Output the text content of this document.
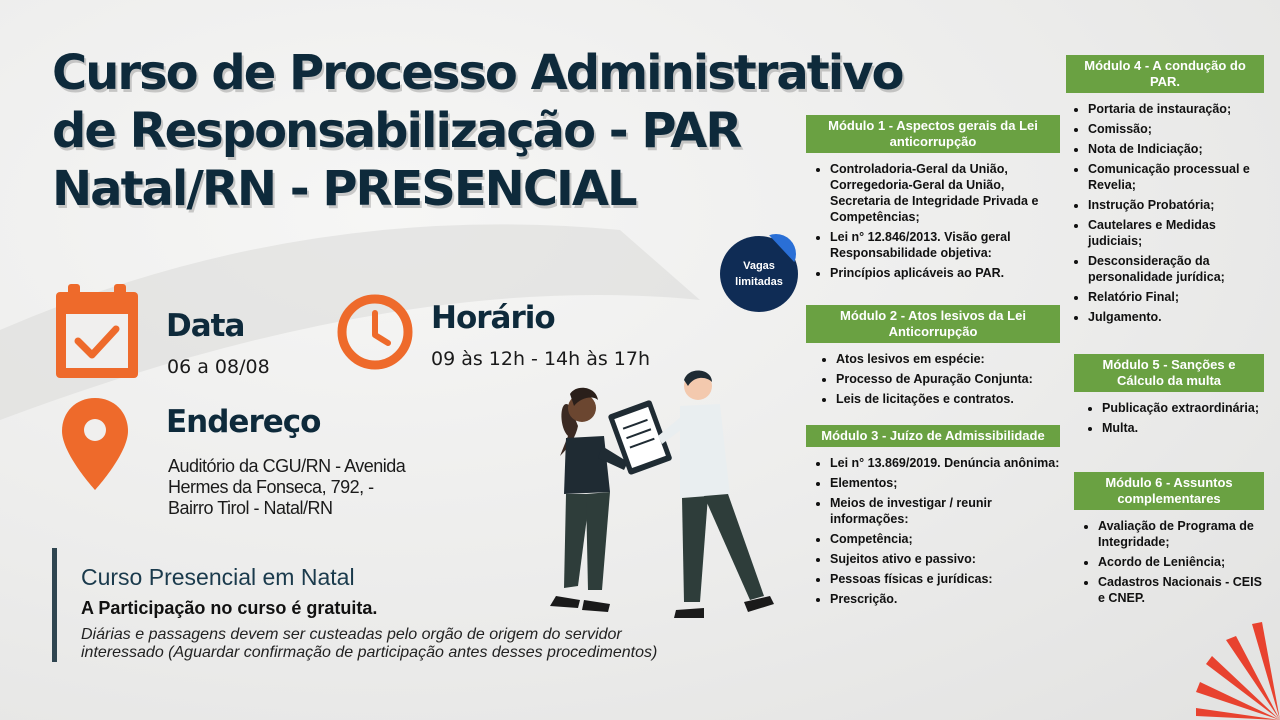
Curso de Processo Administrativo
de Responsabilização - PAR
Natal/RN - PRESENCIAL
Data
06 a 08/08
Horário
09 às 12h - 14h às 17h
Endereço
Auditório da CGU/RN - Avenida
Hermes da Fonseca, 792, -
Bairro Tirol - Natal/RN
Curso Presencial em Natal
A Participação no curso é gratuita.
Diárias e passagens devem ser custeadas pelo orgão de origem do servidor
interessado (Aguardar confirmação de participação antes desses procedimentos)
Vagas
limitadas
Módulo 1 - Aspectos gerais da Lei anticorrupção
• Controladoria-Geral da União, Corregedoria-Geral da União, Secretaria de Integridade Privada e Competências;
• Lei n° 12.846/2013. Visão geral Responsabilidade objetiva:
• Princípios aplicáveis ao PAR.
Módulo 2 - Atos lesivos da Lei Anticorrupção
• Atos lesivos em espécie:
• Processo de Apuração Conjunta:
• Leis de licitações e contratos.
Módulo 3 - Juízo de Admissibilidade
• Lei n° 13.869/2019. Denúncia anônima:
• Elementos;
• Meios de investigar / reunir informações:
• Competência;
• Sujeitos ativo e passivo:
• Pessoas físicas e jurídicas:
• Prescrição.
Módulo 4 - A condução do PAR.
• Portaria de instauração;
• Comissão;
• Nota de Indiciação;
• Comunicação processual e Revelia;
• Instrução Probatória;
• Cautelares e Medidas judiciais;
• Desconsideração da personalidade jurídica;
• Relatório Final;
• Julgamento.
Módulo 5 - Sanções e Cálculo da multa
• Publicação extraordinária;
• Multa.
Módulo 6 - Assuntos complementares
• Avaliação de Programa de Integridade;
• Acordo de Leniência;
• Cadastros Nacionais - CEIS e CNEP.
